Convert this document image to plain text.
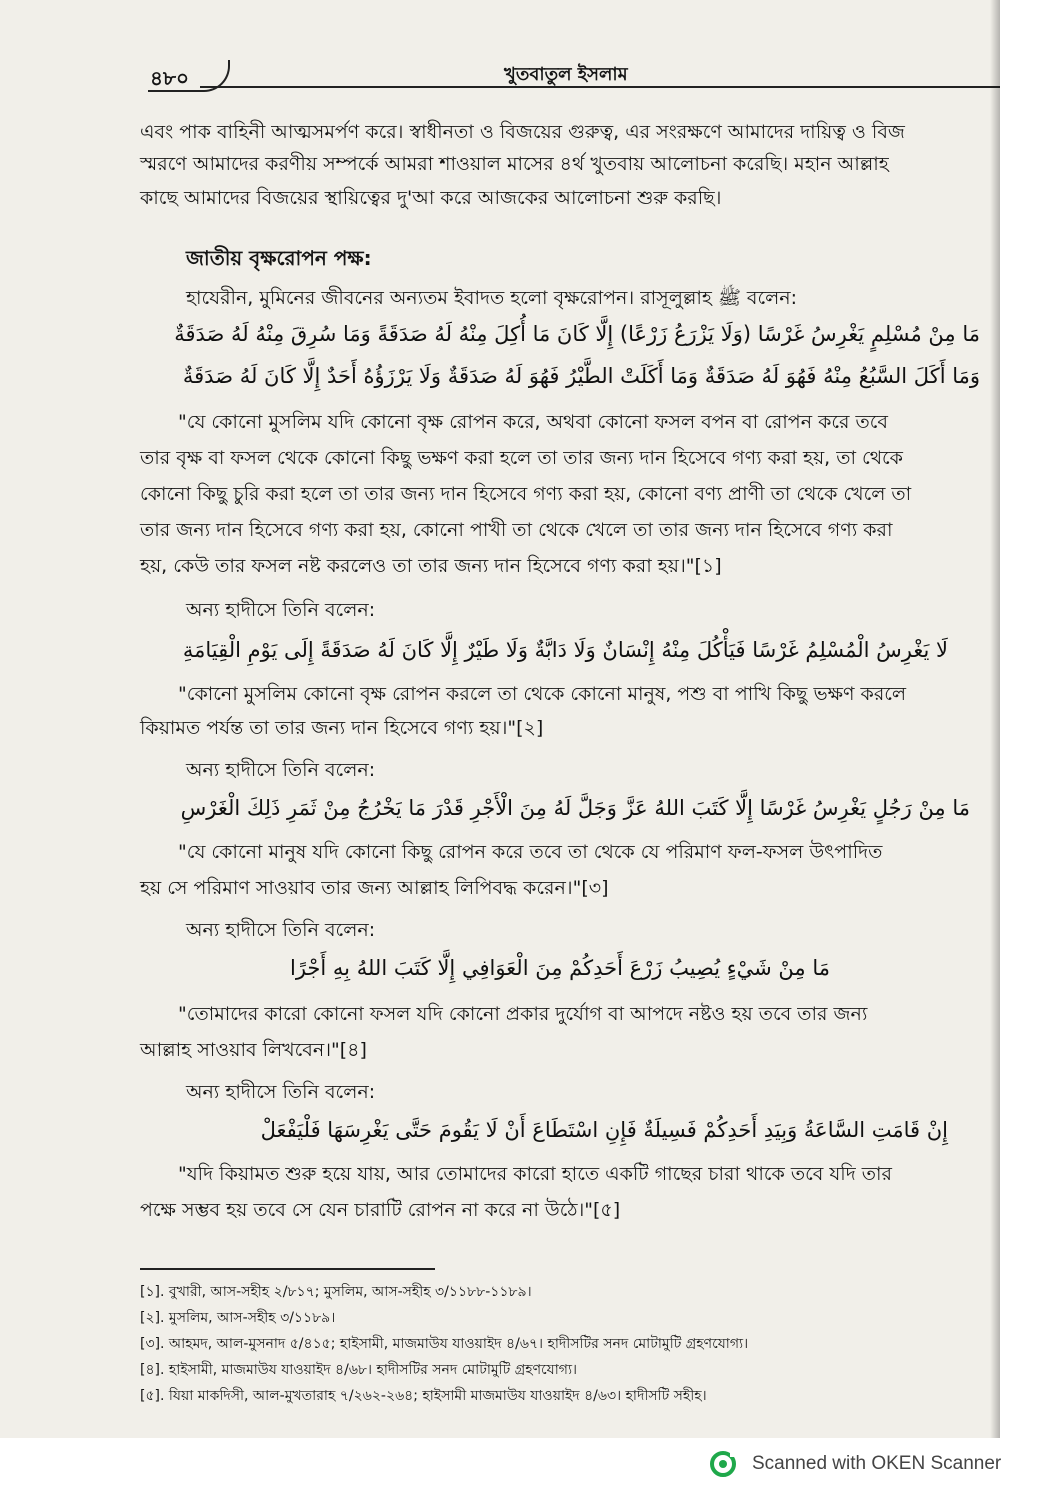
৪৮০	খুতবাতুল ইসলাম
এবং পাক বাহিনী আত্মসমর্পণ করে। স্বাধীনতা ও বিজয়ের গুরুত্ব, এর সংরক্ষণে আমাদের দায়িত্ব ও বিজ
স্মরণে আমাদের করণীয় সম্পর্কে আমরা শাওয়াল মাসের ৪র্থ খুতবায় আলোচনা করেছি। মহান আল্লাহ
কাছে আমাদের বিজয়ের স্থায়িত্বের দু'আ করে আজকের আলোচনা শুরু করছি।
জাতীয় বৃক্ষরোপন পক্ষ:
হাযেরীন, মুমিনের জীবনের অন্যতম ইবাদত হলো বৃক্ষরোপন। রাসূলুল্লাহ ﷺ বলেন:
مَا مِنْ مُسْلِمٍ يَغْرِسُ غَرْسًا (وَلَا يَزْرَعُ زَرْعًا) إِلَّا كَانَ مَا أُكِلَ مِنْهُ لَهُ صَدَقَةً وَمَا سُرِقَ مِنْهُ لَهُ صَدَقَةٌ
وَمَا أَكَلَ السَّبُعُ مِنْهُ فَهُوَ لَهُ صَدَقَةٌ وَمَا أَكَلَتْ الطَّيْرُ فَهُوَ لَهُ صَدَقَةٌ وَلَا يَرْزَؤُهُ أَحَدٌ إِلَّا كَانَ لَهُ صَدَقَةٌ
"যে কোনো মুসলিম যদি কোনো বৃক্ষ রোপন করে, অথবা কোনো ফসল বপন বা রোপন করে তবে
তার বৃক্ষ বা ফসল থেকে কোনো কিছু ভক্ষণ করা হলে তা তার জন্য দান হিসেবে গণ্য করা হয়, তা থেকে
কোনো কিছু চুরি করা হলে তা তার জন্য দান হিসেবে গণ্য করা হয়, কোনো বণ্য প্রাণী তা থেকে খেলে তা
তার জন্য দান হিসেবে গণ্য করা হয়, কোনো পাখী তা থেকে খেলে তা তার জন্য দান হিসেবে গণ্য করা
হয়, কেউ তার ফসল নষ্ট করলেও তা তার জন্য দান হিসেবে গণ্য করা হয়।"[১]
অন্য হাদীসে তিনি বলেন:
لَا يَغْرِسُ الْمُسْلِمُ غَرْسًا فَيَأْكُلَ مِنْهُ إِنْسَانٌ وَلَا دَابَّةٌ وَلَا طَيْرٌ إِلَّا كَانَ لَهُ صَدَقَةً إِلَى يَوْمِ الْقِيَامَةِ
"কোনো মুসলিম কোনো বৃক্ষ রোপন করলে তা থেকে কোনো মানুষ, পশু বা পাখি কিছু ভক্ষণ করলে
কিয়ামত পর্যন্ত তা তার জন্য দান হিসেবে গণ্য হয়।"[২]
অন্য হাদীসে তিনি বলেন:
مَا مِنْ رَجُلٍ يَغْرِسُ غَرْسًا إِلَّا كَتَبَ اللهُ عَزَّ وَجَلَّ لَهُ مِنَ الْأَجْرِ قَدْرَ مَا يَخْرُجُ مِنْ ثَمَرِ ذَلِكَ الْغَرْسِ
"যে কোনো মানুষ যদি কোনো কিছু রোপন করে তবে তা থেকে যে পরিমাণ ফল-ফসল উৎপাদিত
হয় সে পরিমাণ সাওয়াব তার জন্য আল্লাহ লিপিবদ্ধ করেন।"[৩]
অন্য হাদীসে তিনি বলেন:
مَا مِنْ شَيْءٍ يُصِيبُ زَرْعَ أَحَدِكُمْ مِنَ الْعَوَافِي إِلَّا كَتَبَ اللهُ بِهِ أَجْرًا
"তোমাদের কারো কোনো ফসল যদি কোনো প্রকার দুর্যোগ বা আপদে নষ্টও হয় তবে তার জন্য
আল্লাহ সাওয়াব লিখবেন।"[৪]
অন্য হাদীসে তিনি বলেন:
إِنْ قَامَتِ السَّاعَةُ وَبِيَدِ أَحَدِكُمْ فَسِيلَةٌ فَإِنِ اسْتَطَاعَ أَنْ لَا يَقُومَ حَتَّى يَغْرِسَهَا فَلْيَفْعَلْ
"যদি কিয়ামত শুরু হয়ে যায়, আর তোমাদের কারো হাতে একটি গাছের চারা থাকে তবে যদি তার
পক্ষে সম্ভব হয় তবে সে যেন চারাটি রোপন না করে না উঠে।"[৫]
[১]. বুখারী, আস-সহীহ ২/৮১৭; মুসলিম, আস-সহীহ ৩/১১৮৮-১১৮৯।
[২]. মুসলিম, আস-সহীহ ৩/১১৮৯।
[৩]. আহমদ, আল-মুসনাদ ৫/৪১৫; হাইসামী, মাজমাউয যাওয়াইদ ৪/৬৭। হাদীসটির সনদ মোটামুটি গ্রহণযোগ্য।
[৪]. হাইসামী, মাজমাউয যাওয়াইদ ৪/৬৮। হাদীসটির সনদ মোটামুটি গ্রহণযোগ্য।
[৫]. যিয়া মাকদিসী, আল-মুখতারাহ ৭/২৬২-২৬৪; হাইসামী মাজমাউয যাওয়াইদ ৪/৬৩। হাদীসটি সহীহ।
Scanned with OKEN Scanner
